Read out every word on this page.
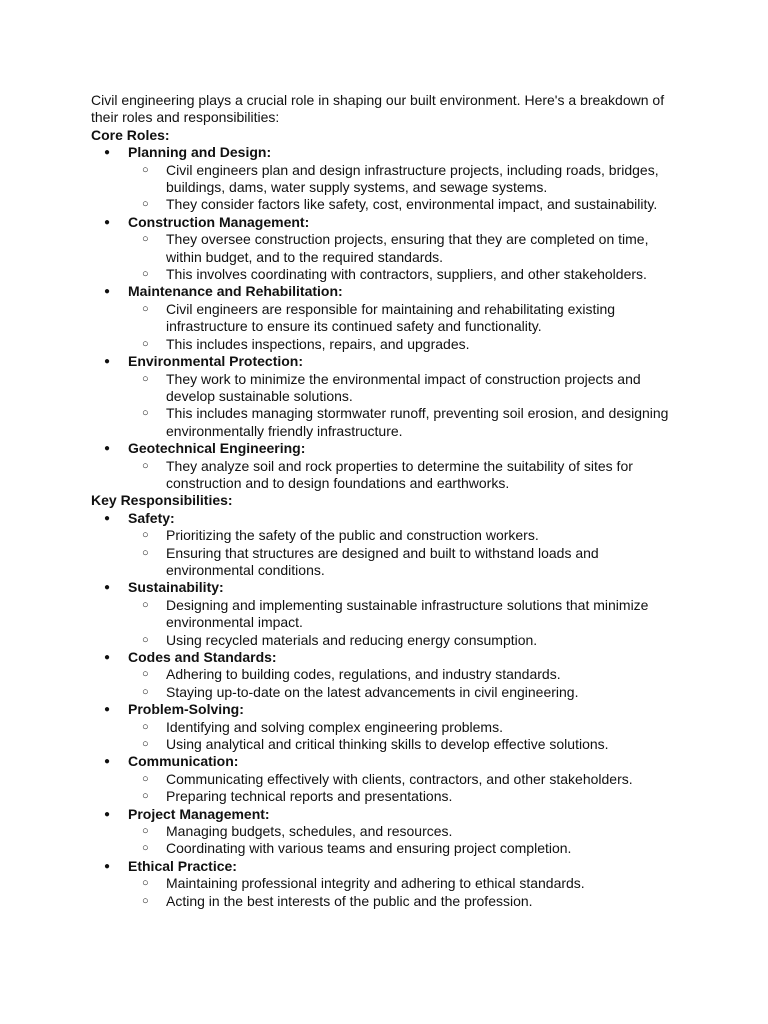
Civil engineering plays a crucial role in shaping our built environment. Here's a breakdown of their roles and responsibilities:

Core Roles:
● Planning and Design:
○ Civil engineers plan and design infrastructure projects, including roads, bridges, buildings, dams, water supply systems, and sewage systems.
○ They consider factors like safety, cost, environmental impact, and sustainability.
● Construction Management:
○ They oversee construction projects, ensuring that they are completed on time, within budget, and to the required standards.
○ This involves coordinating with contractors, suppliers, and other stakeholders.
● Maintenance and Rehabilitation:
○ Civil engineers are responsible for maintaining and rehabilitating existing infrastructure to ensure its continued safety and functionality.
○ This includes inspections, repairs, and upgrades.
● Environmental Protection:
○ They work to minimize the environmental impact of construction projects and develop sustainable solutions.
○ This includes managing stormwater runoff, preventing soil erosion, and designing environmentally friendly infrastructure.
● Geotechnical Engineering:
○ They analyze soil and rock properties to determine the suitability of sites for construction and to design foundations and earthworks.
Key Responsibilities:
● Safety:
○ Prioritizing the safety of the public and construction workers.
○ Ensuring that structures are designed and built to withstand loads and environmental conditions.
● Sustainability:
○ Designing and implementing sustainable infrastructure solutions that minimize environmental impact.
○ Using recycled materials and reducing energy consumption.
● Codes and Standards:
○ Adhering to building codes, regulations, and industry standards.
○ Staying up-to-date on the latest advancements in civil engineering.
● Problem-Solving:
○ Identifying and solving complex engineering problems.
○ Using analytical and critical thinking skills to develop effective solutions.
● Communication:
○ Communicating effectively with clients, contractors, and other stakeholders.
○ Preparing technical reports and presentations.
● Project Management:
○ Managing budgets, schedules, and resources.
○ Coordinating with various teams and ensuring project completion.
● Ethical Practice:
○ Maintaining professional integrity and adhering to ethical standards.
○ Acting in the best interests of the public and the profession.
